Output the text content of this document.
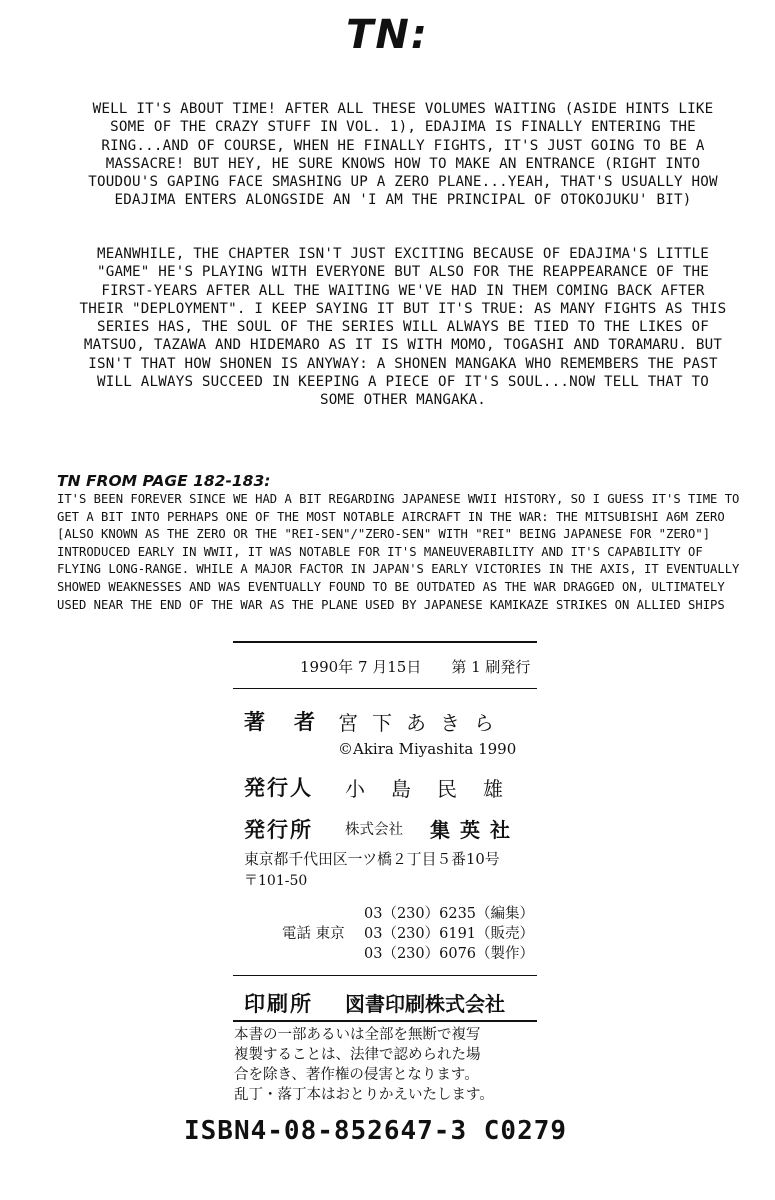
TN:
WELL IT'S ABOUT TIME! AFTER ALL THESE VOLUMES WAITING (ASIDE HINTS LIKE SOME OF THE CRAZY STUFF IN VOL. 1), EDAJIMA IS FINALLY ENTERING THE RING...AND OF COURSE, WHEN HE FINALLY FIGHTS, IT'S JUST GOING TO BE A MASSACRE! BUT HEY, HE SURE KNOWS HOW TO MAKE AN ENTRANCE (RIGHT INTO TOUDOU'S GAPING FACE SMASHING UP A ZERO PLANE...YEAH, THAT'S USUALLY HOW EDAJIMA ENTERS ALONGSIDE AN 'I AM THE PRINCIPAL OF OTOKOJUKU' BIT)
MEANWHILE, THE CHAPTER ISN'T JUST EXCITING BECAUSE OF EDAJIMA'S LITTLE "GAME" HE'S PLAYING WITH EVERYONE BUT ALSO FOR THE REAPPEARANCE OF THE FIRST-YEARS AFTER ALL THE WAITING WE'VE HAD IN THEM COMING BACK AFTER THEIR "DEPLOYMENT". I KEEP SAYING IT BUT IT'S TRUE: AS MANY FIGHTS AS THIS SERIES HAS, THE SOUL OF THE SERIES WILL ALWAYS BE TIED TO THE LIKES OF MATSUO, TAZAWA AND HIDEMARO AS IT IS WITH MOMO, TOGASHI AND TORAMARU. BUT ISN'T THAT HOW SHONEN IS ANYWAY: A SHONEN MANGAKA WHO REMEMBERS THE PAST WILL ALWAYS SUCCEED IN KEEPING A PIECE OF IT'S SOUL...NOW TELL THAT TO SOME OTHER MANGAKA.
TN FROM PAGE 182-183:
IT'S BEEN FOREVER SINCE WE HAD A BIT REGARDING JAPANESE WWII HISTORY, SO I GUESS IT'S TIME TO GET A BIT INTO PERHAPS ONE OF THE MOST NOTABLE AIRCRAFT IN THE WAR: THE MITSUBISHI A6M ZERO [ALSO KNOWN AS THE ZERO OR THE "REI-SEN"/"ZERO-SEN" WITH "REI" BEING JAPANESE FOR "ZERO"] INTRODUCED EARLY IN WWII, IT WAS NOTABLE FOR IT'S MANEUVERABILITY AND IT'S CAPABILITY OF FLYING LONG-RANGE. WHILE A MAJOR FACTOR IN JAPAN'S EARLY VICTORIES IN THE AXIS, IT EVENTUALLY SHOWED WEAKNESSES AND WAS EVENTUALLY FOUND TO BE OUTDATED AS THE WAR DRAGGED ON, ULTIMATELY USED NEAR THE END OF THE WAR AS THE PLANE USED BY JAPANESE KAMIKAZE STRIKES ON ALLIED SHIPS
1990年 7 月15日　　第 1 刷発行
著　者 宮下あきら
©Akira Miyashita 1990
発行人 小島民雄
発行所 株式会社 集英社
東京都千代田区一ツ橋２丁目５番10号
〒101-50
03（230）6235（編集）
電話 東京 03（230）6191（販売）
03（230）6076（製作）
印刷所 図書印刷株式会社
本書の一部あるいは全部を無断で複写
複製することは、法律で認められた場
合を除き、著作権の侵害となります。
乱丁・落丁本はおとりかえいたします。
ISBN4-08-852647-3 C0279
